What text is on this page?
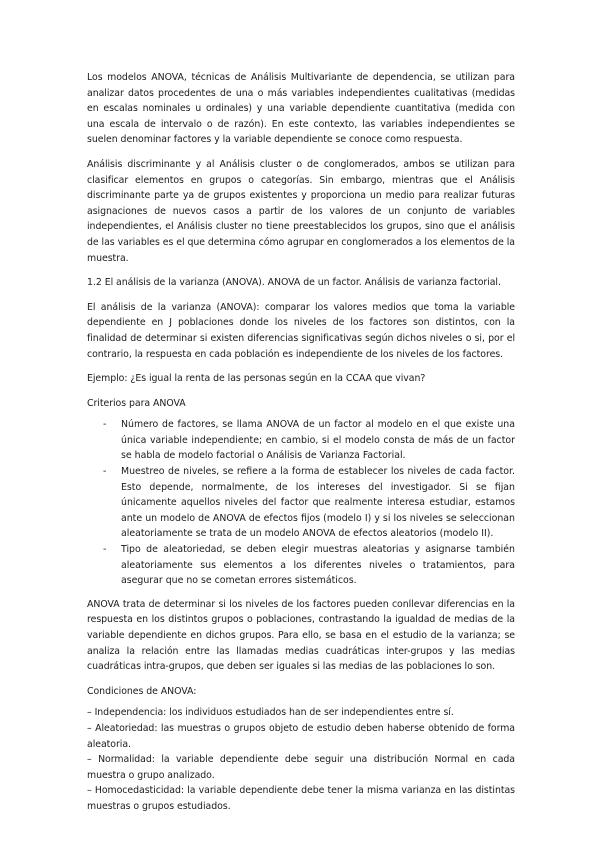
Los modelos ANOVA, técnicas de Análisis Multivariante de dependencia, se utilizan para analizar datos procedentes de una o más variables independientes cualitativas (medidas en escalas nominales u ordinales) y una variable dependiente cuantitativa (medida con una escala de intervalo o de razón). En este contexto, las variables independientes se suelen denominar factores y la variable dependiente se conoce como respuesta.

Análisis discriminante y al Análisis cluster o de conglomerados, ambos se utilizan para clasificar elementos en grupos o categorías. Sin embargo, mientras que el Análisis discriminante parte ya de grupos existentes y proporciona un medio para realizar futuras asignaciones de nuevos casos a partir de los valores de un conjunto de variables independientes, el Análisis cluster no tiene preestablecidos los grupos, sino que el análisis de las variables es el que determina cómo agrupar en conglomerados a los elementos de la muestra.

1.2 El análisis de la varianza (ANOVA). ANOVA de un factor. Análisis de varianza factorial.

El análisis de la varianza (ANOVA): comparar los valores medios que toma la variable dependiente en J poblaciones donde los niveles de los factores son distintos, con la finalidad de determinar si existen diferencias significativas según dichos niveles o si, por el contrario, la respuesta en cada población es independiente de los niveles de los factores.

Ejemplo: ¿Es igual la renta de las personas según en la CCAA que vivan?

Criterios para ANOVA

- Número de factores, se llama ANOVA de un factor al modelo en el que existe una única variable independiente; en cambio, si el modelo consta de más de un factor se habla de modelo factorial o Análisis de Varianza Factorial.
- Muestreo de niveles, se refiere a la forma de establecer los niveles de cada factor. Esto depende, normalmente, de los intereses del investigador. Si se fijan únicamente aquellos niveles del factor que realmente interesa estudiar, estamos ante un modelo de ANOVA de efectos fijos (modelo I) y si los niveles se seleccionan aleatoriamente se trata de un modelo ANOVA de efectos aleatorios (modelo II).
- Tipo de aleatoriedad, se deben elegir muestras aleatorias y asignarse también aleatoriamente sus elementos a los diferentes niveles o tratamientos, para asegurar que no se cometan errores sistemáticos.

ANOVA trata de determinar si los niveles de los factores pueden conllevar diferencias en la respuesta en los distintos grupos o poblaciones, contrastando la igualdad de medias de la variable dependiente en dichos grupos. Para ello, se basa en el estudio de la varianza; se analiza la relación entre las llamadas medias cuadráticas inter-grupos y las medias cuadráticas intra-grupos, que deben ser iguales si las medias de las poblaciones lo son.

Condiciones de ANOVA:

– Independencia: los individuos estudiados han de ser independientes entre sí.

– Aleatoriedad: las muestras o grupos objeto de estudio deben haberse obtenido de forma aleatoria.

– Normalidad: la variable dependiente debe seguir una distribución Normal en cada muestra o grupo analizado.

– Homocedasticidad: la variable dependiente debe tener la misma varianza en las distintas muestras o grupos estudiados.
